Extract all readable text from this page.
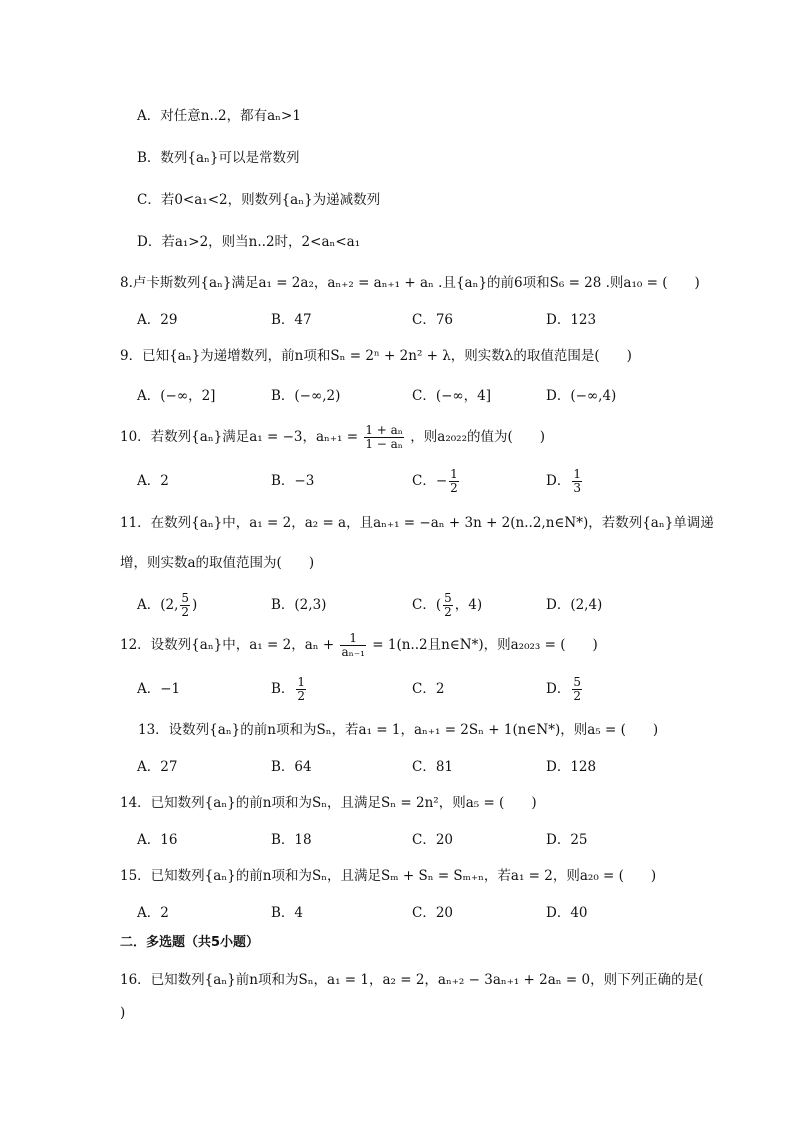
A．对任意n..2，都有aₙ>1
B．数列{aₙ}可以是常数列
C．若0<a₁<2，则数列{aₙ}为递减数列
D．若a₁>2，则当n..2时，2<aₙ<a₁
8.卢卡斯数列{aₙ}满足a₁ = 2a₂，aₙ₊₂ = aₙ₊₁ + aₙ .且{aₙ}的前6项和S₆ = 28 .则a₁₀ = (　　)
A．29	B．47	C．76	D．123
9．已知{aₙ}为递增数列，前n项和Sₙ = 2ⁿ + 2n² + λ，则实数λ的取值范围是(　　)
A．(−∞，2]	B．(−∞,2)	C．(−∞，4]	D．(−∞,4)
10．若数列{aₙ}满足a₁ = −3，$a_{n+1} = \frac{\text{1 + aₙ}}{\text{1 − aₙ}}$ ，则a₂₀₂₂的值为(　　)
A．2	B．−3	C．− $\frac{1}{2}$	D． $\frac{1}{3}$
11．在数列{aₙ}中，a₁ = 2，a₂ = a，且aₙ₊₁ = −aₙ + 3n + 2(n..2,n∈N*)，若数列{aₙ}单调递
增，则实数a的取值范围为(　　)
A．(2, $\frac{5}{2}$ )	B．(2,3)	C．( $\frac{5}{2}$ ，4)	D．(2,4)
12．设数列{aₙ}中，a₁ = 2，$a_n + \frac{1}{\text{aₙ₋₁}} = 1(n..2$且n∈N*)，则a₂₀₂₃ = (　　)
A．−1	B． $\frac{1}{2}$	C．2	D． $\frac{5}{2}$
13．设数列{aₙ}的前n项和为Sₙ，若a₁ = 1，aₙ₊₁ = 2Sₙ + 1(n∈N*)，则a₅ = (　　)
A．27	B．64	C．81	D．128
14．已知数列{aₙ}的前n项和为Sₙ，且满足Sₙ = 2n²，则a₅ = (　　)
A．16	B．18	C．20	D．25
15．已知数列{aₙ}的前n项和为Sₙ，且满足Sₘ + Sₙ = Sₘ₊ₙ，若a₁ = 2，则a₂₀ = (　　)
A．2	B．4	C．20	D．40
二．多选题（共5小题）
16．已知数列{aₙ}前n项和为Sₙ，a₁ = 1，a₂ = 2，aₙ₊₂ − 3aₙ₊₁ + 2aₙ = 0，则下列正确的是(
)
